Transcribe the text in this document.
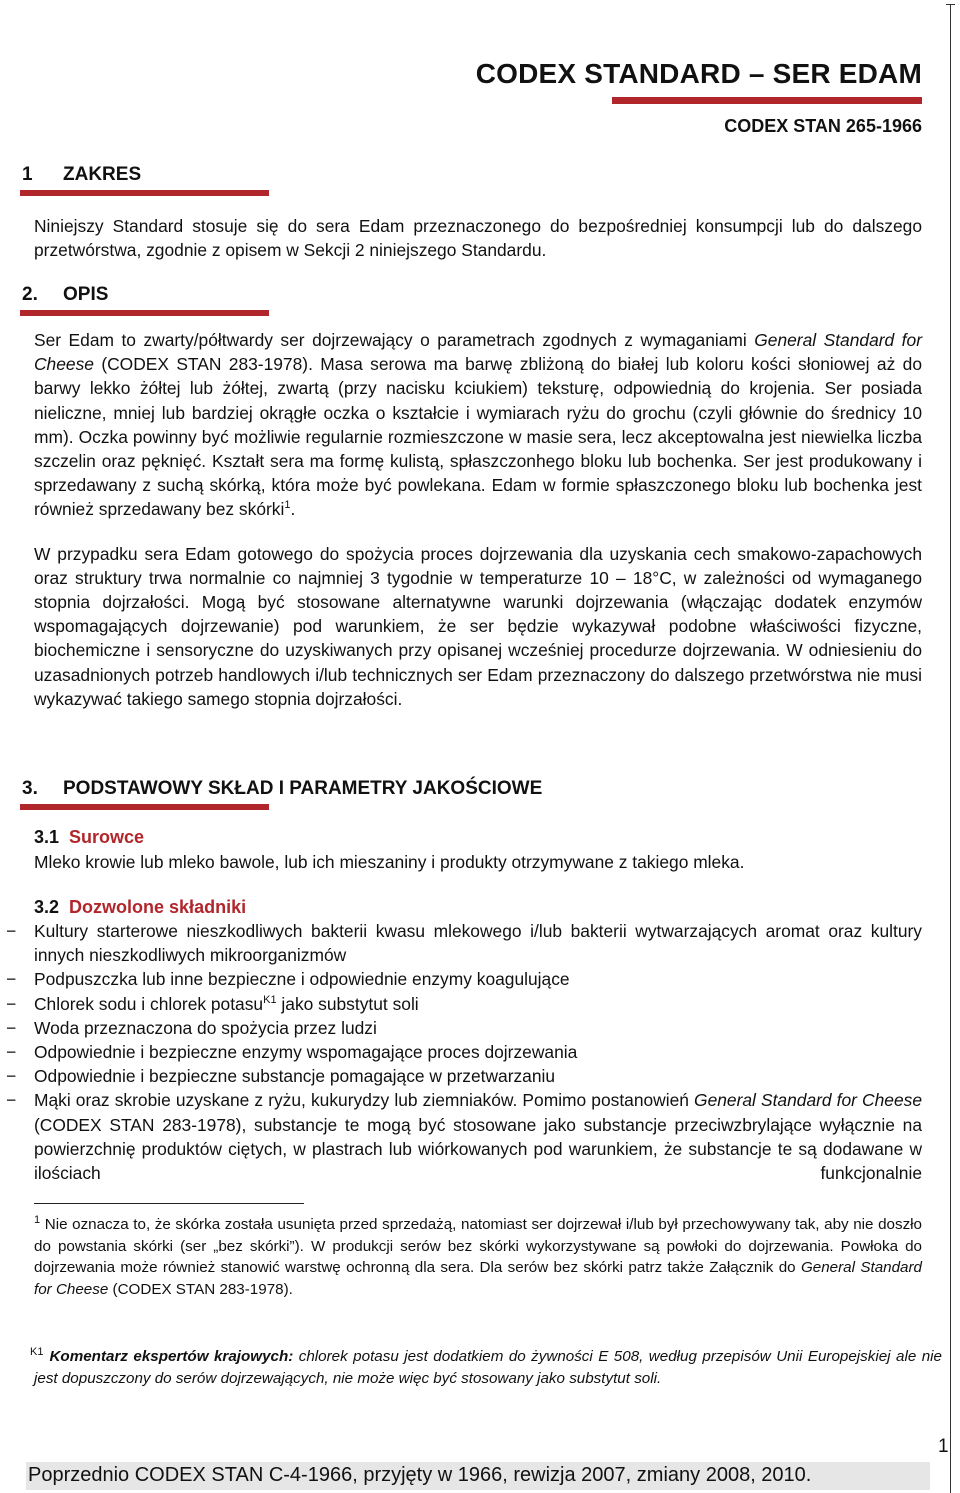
CODEX STANDARD – SER EDAM
CODEX STAN 265-1966
1 ZAKRES

Niniejszy Standard stosuje się do sera Edam przeznaczonego do bezpośredniej konsumpcji lub do dalszego przetwórstwa, zgodnie z opisem w Sekcji 2 niniejszego Standardu.

2. OPIS

Ser Edam to zwarty/półtwardy ser dojrzewający o parametrach zgodnych z wymaganiami General Standard for Cheese (CODEX STAN 283-1978). Masa serowa ma barwę zbliżoną do białej lub koloru kości słoniowej aż do barwy lekko żółtej lub żółtej, zwartą (przy nacisku kciukiem) teksturę, odpowiednią do krojenia. Ser posiada nieliczne, mniej lub bardziej okrągłe oczka o kształcie i wymiarach ryżu do grochu (czyli głównie do średnicy 10 mm). Oczka powinny być możliwie regularnie rozmieszczone w masie sera, lecz akceptowalna jest niewielka liczba szczelin oraz pęknięć. Kształt sera ma formę kulistą, spłaszczonhego bloku lub bochenka. Ser jest produkowany i sprzedawany z suchą skórką, która może być powlekana. Edam w formie spłaszczonego bloku lub bochenka jest również sprzedawany bez skórki$^1$.

W przypadku sera Edam gotowego do spożycia proces dojrzewania dla uzyskania cech smakowo-zapachowych oraz struktury trwa normalnie co najmniej 3 tygodnie w temperaturze 10 – 18°C, w zależności od wymaganego stopnia dojrzałości. Mogą być stosowane alternatywne warunki dojrzewania (włączając dodatek enzymów wspomagających dojrzewanie) pod warunkiem, że ser będzie wykazywał podobne właściwości fizyczne, biochemiczne i sensoryczne do uzyskiwanych przy opisanej wcześniej procedurze dojrzewania. W odniesieniu do uzasadnionych potrzeb handlowych i/lub technicznych ser Edam przeznaczony do dalszego przetwórstwa nie musi wykazywać takiego samego stopnia dojrzałości.

3. PODSTAWOWY SKŁAD I PARAMETRY JAKOŚCIOWE
3.1 Surowce
Mleko krowie lub mleko bawole, lub ich mieszaniny i produkty otrzymywane z takiego mleka.
3.2 Dozwolone składniki
− Kultury starterowe nieszkodliwych bakterii kwasu mlekowego i/lub bakterii wytwarzających aromat oraz kultury innych nieszkodliwych mikroorganizmów
− Podpuszczka lub inne bezpieczne i odpowiednie enzymy koagulujące
− Chlorek sodu i chlorek potasu$^{K1}$ jako substytut soli
− Woda przeznaczona do spożycia przez ludzi
− Odpowiednie i bezpieczne enzymy wspomagające proces dojrzewania
− Odpowiednie i bezpieczne substancje pomagające w przetwarzaniu
− Mąki oraz skrobie uzyskane z ryżu, kukurydzy lub ziemniaków. Pomimo postanowień General Standard for Cheese (CODEX STAN 283-1978), substancje te mogą być stosowane jako substancje przeciwzbrylające wyłącznie na powierzchnię produktów ciętych, w plastrach lub wiórkowanych pod warunkiem, że substancje te są dodawane w ilościach funkcjonalnie
1 Nie oznacza to, że skórka została usunięta przed sprzedażą, natomiast ser dojrzewał i/lub był przechowywany tak, aby nie doszło do powstania skórki (ser „bez skórki”). W produkcji serów bez skórki wykorzystywane są powłoki do dojrzewania. Powłoka do dojrzewania może również stanowić warstwę ochronną dla sera. Dla serów bez skórki patrz także Załącznik do General Standard for Cheese (CODEX STAN 283-1978).
K1 Komentarz ekspertów krajowych: chlorek potasu jest dodatkiem do żywności E 508, według przepisów Unii Europejskiej ale nie jest dopuszczony do serów dojrzewających, nie może więc być stosowany jako substytut soli.
1
Poprzednio CODEX STAN C-4-1966, przyjęty w 1966, rewizja 2007, zmiany 2008, 2010.
